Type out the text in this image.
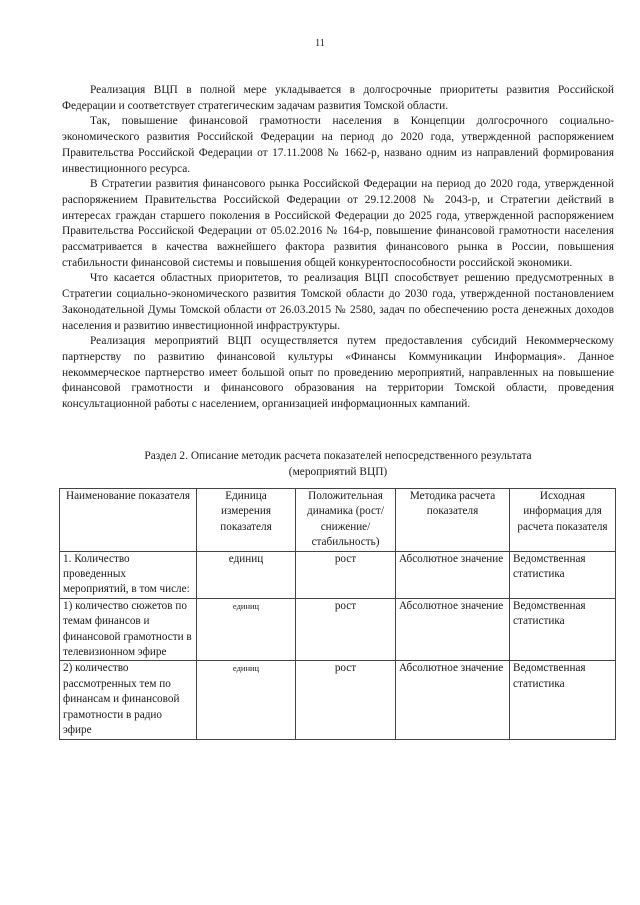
11

Реализация ВЦП в полной мере укладывается в долгосрочные приоритеты развития Российской Федерации и соответствует стратегическим задачам развития Томской области.

Так, повышение финансовой грамотности населения в Концепции долгосрочного социально-экономического развития Российской Федерации на период до 2020 года, утвержденной распоряжением Правительства Российской Федерации от 17.11.2008 № 1662-р, названо одним из направлений формирования инвестиционного ресурса.

В Стратегии развития финансового рынка Российской Федерации на период до 2020 года, утвержденной распоряжением Правительства Российской Федерации от 29.12.2008 № 2043-р, и Стратегии действий в интересах граждан старшего поколения в Российской Федерации до 2025 года, утвержденной распоряжением Правительства Российской Федерации от 05.02.2016 № 164-р, повышение финансовой грамотности населения рассматривается в качества важнейшего фактора развития финансового рынка в России, повышения стабильности финансовой системы и повышения общей конкурентоспособности российской экономики.

Что касается областных приоритетов, то реализация ВЦП способствует решению предусмотренных в Стратегии социально-экономического развития Томской области до 2030 года, утвержденной постановлением Законодательной Думы Томской области от 26.03.2015 № 2580, задач по обеспечению роста денежных доходов населения и развитию инвестиционной инфраструктуры.

Реализация мероприятий ВЦП осуществляется путем предоставления субсидий Некоммерческому партнерству по развитию финансовой культуры «Финансы Коммуникации Информация». Данное некоммерческое партнерство имеет большой опыт по проведению мероприятий, направленных на повышение финансовой грамотности и финансового образования на территории Томской области, проведения консультационной работы с населением, организацией информационных кампаний.

Раздел 2. Описание методик расчета показателей непосредственного результата
(мероприятий ВЦП)
Наименование показателя	Единица измерения показателя	Положительная динамика (рост/снижение/ стабильность)	Методика расчета показателя	Исходная информация для расчета показателя
1. Количество проведенных мероприятий, в том числе:	единиц	рост	Абсолютное значение	Ведомственная статистика
1) количество сюжетов по темам финансов и финансовой грамотности в телевизионном эфире	единиц	рост	Абсолютное значение	Ведомственная статистика
2) количество рассмотренных тем по финансам и финансовой грамотности в радио эфире	единиц	рост	Абсолютное значение	Ведомственная статистика
